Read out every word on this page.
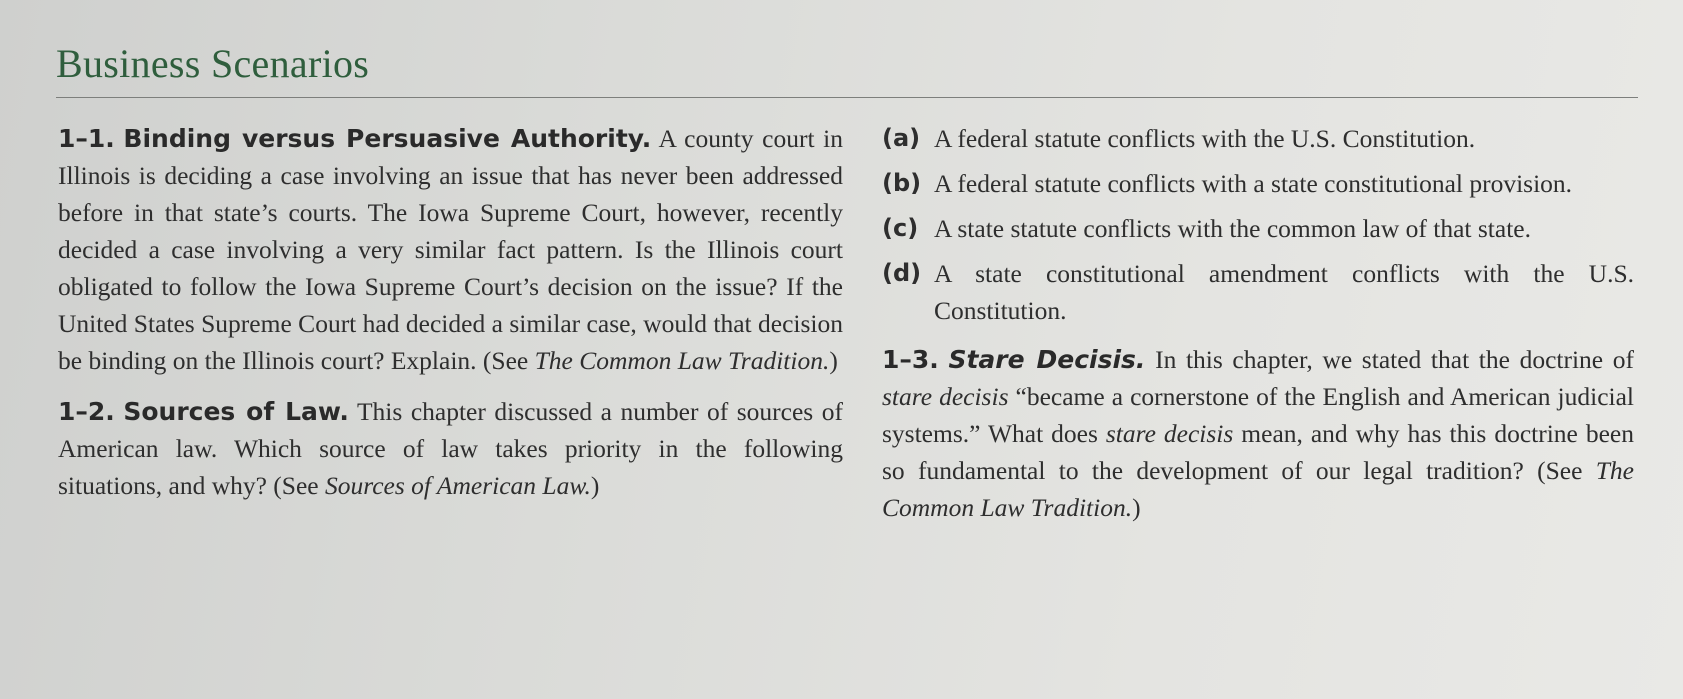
Business Scenarios

1–1. Binding versus Persuasive Authority. A county court in Illinois is deciding a case involving an issue that has never been addressed before in that state’s courts. The Iowa Supreme Court, however, recently decided a case involving a very similar fact pattern. Is the Illinois court obligated to follow the Iowa Supreme Court’s decision on the issue? If the United States Supreme Court had decided a similar case, would that decision be binding on the Illinois court? Explain. (See The Common Law Tradition.)

1–2. Sources of Law. This chapter discussed a number of sources of American law. Which source of law takes priority in the following situations, and why? (See Sources of American Law.)

(a) A federal statute conflicts with the U.S. Constitution.
(b) A federal statute conflicts with a state constitutional provision.
(c) A state statute conflicts with the common law of that state.
(d) A state constitutional amendment conflicts with the U.S. Constitution.

1–3. Stare Decisis. In this chapter, we stated that the doctrine of stare decisis “became a cornerstone of the English and American judicial systems.” What does stare decisis mean, and why has this doctrine been so fundamental to the development of our legal tradition? (See The Common Law Tradition.)
